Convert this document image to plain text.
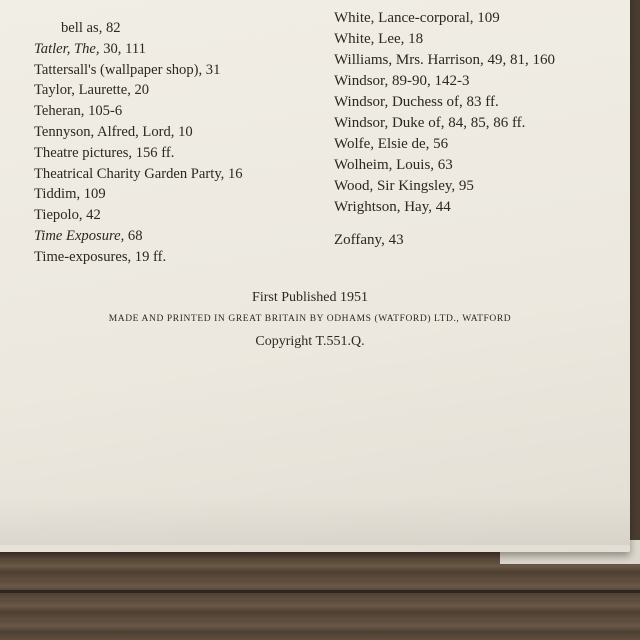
bell as, 82
Tatler, The, 30, 111
Tattersall's (wallpaper shop), 31
Taylor, Laurette, 20
Teheran, 105-6
Tennyson, Alfred, Lord, 10
Theatre pictures, 156 ff.
Theatrical Charity Garden Party, 16
Tiddim, 109
Tiepolo, 42
Time Exposure, 68
Time-exposures, 19 ff.
White, Lance-corporal, 109
White, Lee, 18
Williams, Mrs. Harrison, 49, 81, 160
Windsor, 89-90, 142-3
Windsor, Duchess of, 83 ff.
Windsor, Duke of, 84, 85, 86 ff.
Wolfe, Elsie de, 56
Wolheim, Louis, 63
Wood, Sir Kingsley, 95
Wrightson, Hay, 44
Zoffany, 43
First Published 1951
MADE AND PRINTED IN GREAT BRITAIN BY ODHAMS (WATFORD) LTD., WATFORD
Copyright T.551.Q.
